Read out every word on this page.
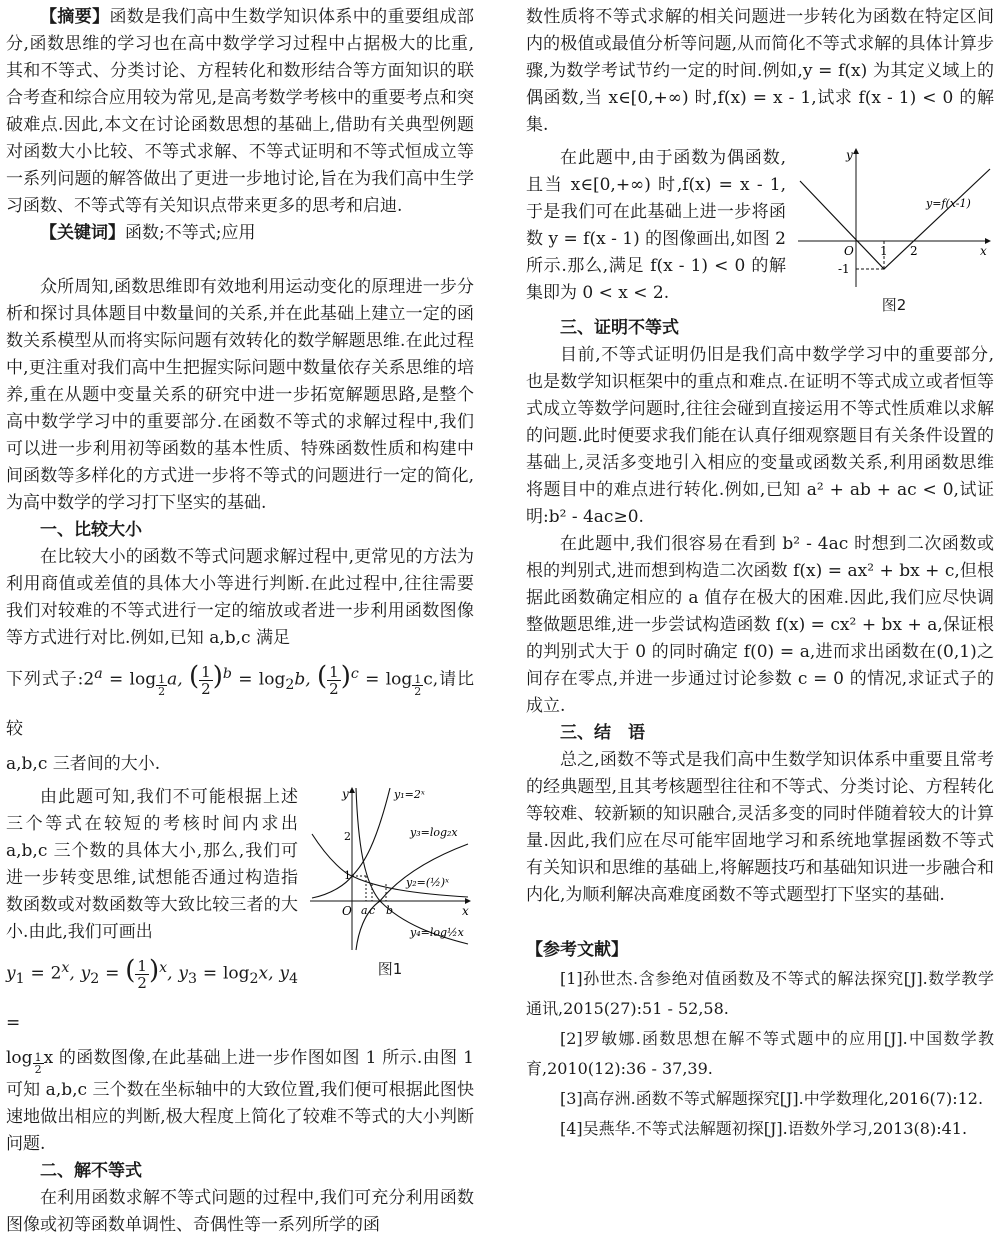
【摘要】函数是我们高中生数学知识体系中的重要组成部分,函数思维的学习也在高中数学学习过程中占据极大的比重,其和不等式、分类讨论、方程转化和数形结合等方面知识的联合考查和综合应用较为常见,是高考数学考核中的重要考点和突破难点.因此,本文在讨论函数思想的基础上,借助有关典型例题对函数大小比较、不等式求解、不等式证明和不等式恒成立等一系列问题的解答做出了更进一步地讨论,旨在为我们高中生学习函数、不等式等有关知识点带来更多的思考和启迪.

【关键词】函数;不等式;应用

众所周知,函数思维即有效地利用运动变化的原理进一步分析和探讨具体题目中数量间的关系,并在此基础上建立一定的函数关系模型从而将实际问题有效转化的数学解题思维.在此过程中,更注重对我们高中生把握实际问题中数量依存关系思维的培养,重在从题中变量关系的研究中进一步拓宽解题思路,是整个高中数学学习中的重要部分.在函数不等式的求解过程中,我们可以进一步利用初等函数的基本性质、特殊函数性质和构建中间函数等多样化的方式进一步将不等式的问题进行一定的简化,为高中数学的学习打下坚实的基础.

一、比较大小

在比较大小的函数不等式问题求解过程中,更常见的方法为利用商值或差值的具体大小等进行判断.在此过程中,往往需要我们对较难的不等式进行一定的缩放或者进一步利用函数图像等方式进行对比.例如,已知 a,b,c 满足

下列式子$:2^a = \log _{\frac{1}{2}}$ a, ( $\frac{1}{2} )^b = \log_2b$, ( $\frac{1}{2} )^c = \log _{\frac{1}{2}}$ c,请比较

a,b,c 三者间的大小.

y
x
O
2
1
a c b
y₁=2ˣ
y₃=log₂x
y₂=(½)ˣ
y₄=log½x
图1

由此题可知,我们不可能根据上述三个等式在较短的考核时间内求出 a,b,c 三个数的具体大小,那么,我们可进一步转变思维,试想能否通过构造指数函数或对数函数等大致比较三者的大小.由此,我们可画出

$y_1 = 2^x$, $y_2$ = ( $\frac{1}{2} )^x$, $y_3 = \log_2x$, $y_4$ =

log $_{\frac{1}{2}}$ x 的函数图像,在此基础上进一步作图如图 1 所示.由图 1 可知 a,b,c 三个数在坐标轴中的大致位置,我们便可根据此图快速地做出相应的判断,极大程度上简化了较难不等式的大小判断问题.

二、解不等式

在利用函数求解不等式问题的过程中,我们可充分利用函数图像或初等函数单调性、奇偶性等一系列所学的函

数性质将不等式求解的相关问题进一步转化为函数在特定区间内的极值或最值分析等问题,从而简化不等式求解的具体计算步骤,为数学考试节约一定的时间.例如,y = f(x) 为其定义域上的偶函数,当 x∈[0,+∞) 时,f(x) = x - 1,试求 f(x - 1) < 0 的解集.

y
x
O 1 2
-1
y=f(x-1)
图2

在此题中,由于函数为偶函数,且当 x∈[0,+∞) 时,f(x) = x - 1,于是我们可在此基础上进一步将函数 y = f(x - 1) 的图像画出,如图 2 所示.那么,满足 f(x - 1) < 0 的解集即为 0 < x < 2.

三、证明不等式

目前,不等式证明仍旧是我们高中数学学习中的重要部分,也是数学知识框架中的重点和难点.在证明不等式成立或者恒等式成立等数学问题时,往往会碰到直接运用不等式性质难以求解的问题.此时便要求我们能在认真仔细观察题目有关条件设置的基础上,灵活多变地引入相应的变量或函数关系,利用函数思维将题目中的难点进行转化.例如,已知 a² + ab + ac < 0,试证明:b² - 4ac≥0.

在此题中,我们很容易在看到 b² - 4ac 时想到二次函数或根的判别式,进而想到构造二次函数 f(x) = ax² + bx + c,但根据此函数确定相应的 a 值存在极大的困难.因此,我们应尽快调整做题思维,进一步尝试构造函数 f(x) = cx² + bx + a,保证根的判别式大于 0 的同时确定 f(0) = a,进而求出函数在(0,1)之间存在零点,并进一步通过讨论参数 c = 0 的情况,求证式子的成立.

三、结　语

总之,函数不等式是我们高中生数学知识体系中重要且常考的经典题型,且其考核题型往往和不等式、分类讨论、方程转化等较难、较新颖的知识融合,灵活多变的同时伴随着较大的计算量.因此,我们应在尽可能牢固地学习和系统地掌握函数不等式有关知识和思维的基础上,将解题技巧和基础知识进一步融合和内化,为顺利解决高难度函数不等式题型打下坚实的基础.

【参考文献】

[1]孙世杰.含参绝对值函数及不等式的解法探究[J].数学教学通讯,2015(27):51 - 52,58.

[2]罗敏娜.函数思想在解不等式题中的应用[J].中国数学教育,2010(12):36 - 37,39.

[3]高存洲.函数不等式解题探究[J].中学数理化,2016(7):12.

[4]吴燕华.不等式法解题初探[J].语数外学习,2013(8):41.
